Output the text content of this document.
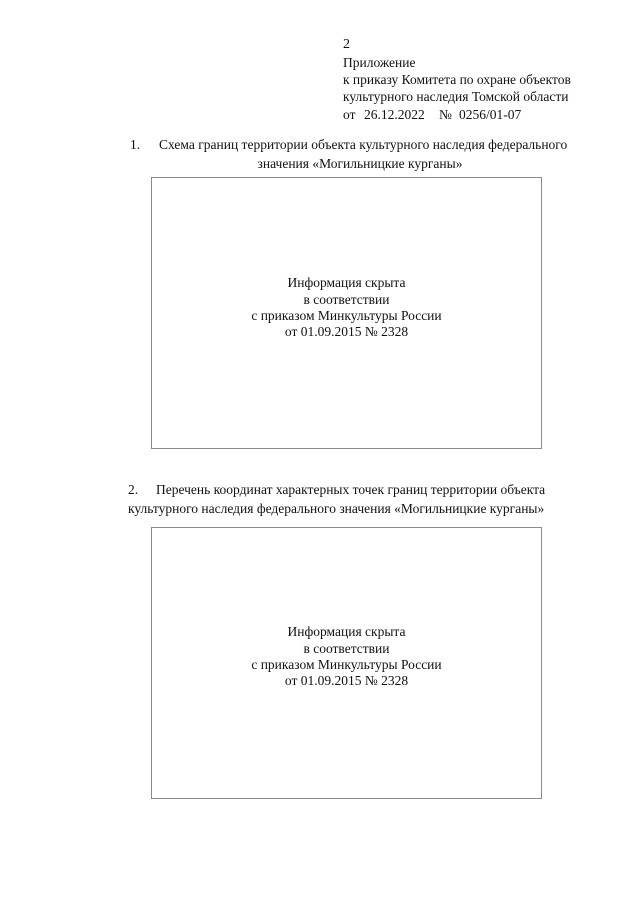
2
Приложение
к приказу Комитета по охране объектов
культурного наследия Томской области
от 26.12.2022 № 0256/01-07
1. Схема границ территории объекта культурного наследия федерального
значения «Могильницкие курганы»
Информация скрыта
в соответствии
с приказом Минкультуры России
от 01.09.2015 № 2328
2. Перечень координат характерных точек границ территории объекта
культурного наследия федерального значения «Могильницкие курганы»
Информация скрыта
в соответствии
с приказом Минкультуры России
от 01.09.2015 № 2328
